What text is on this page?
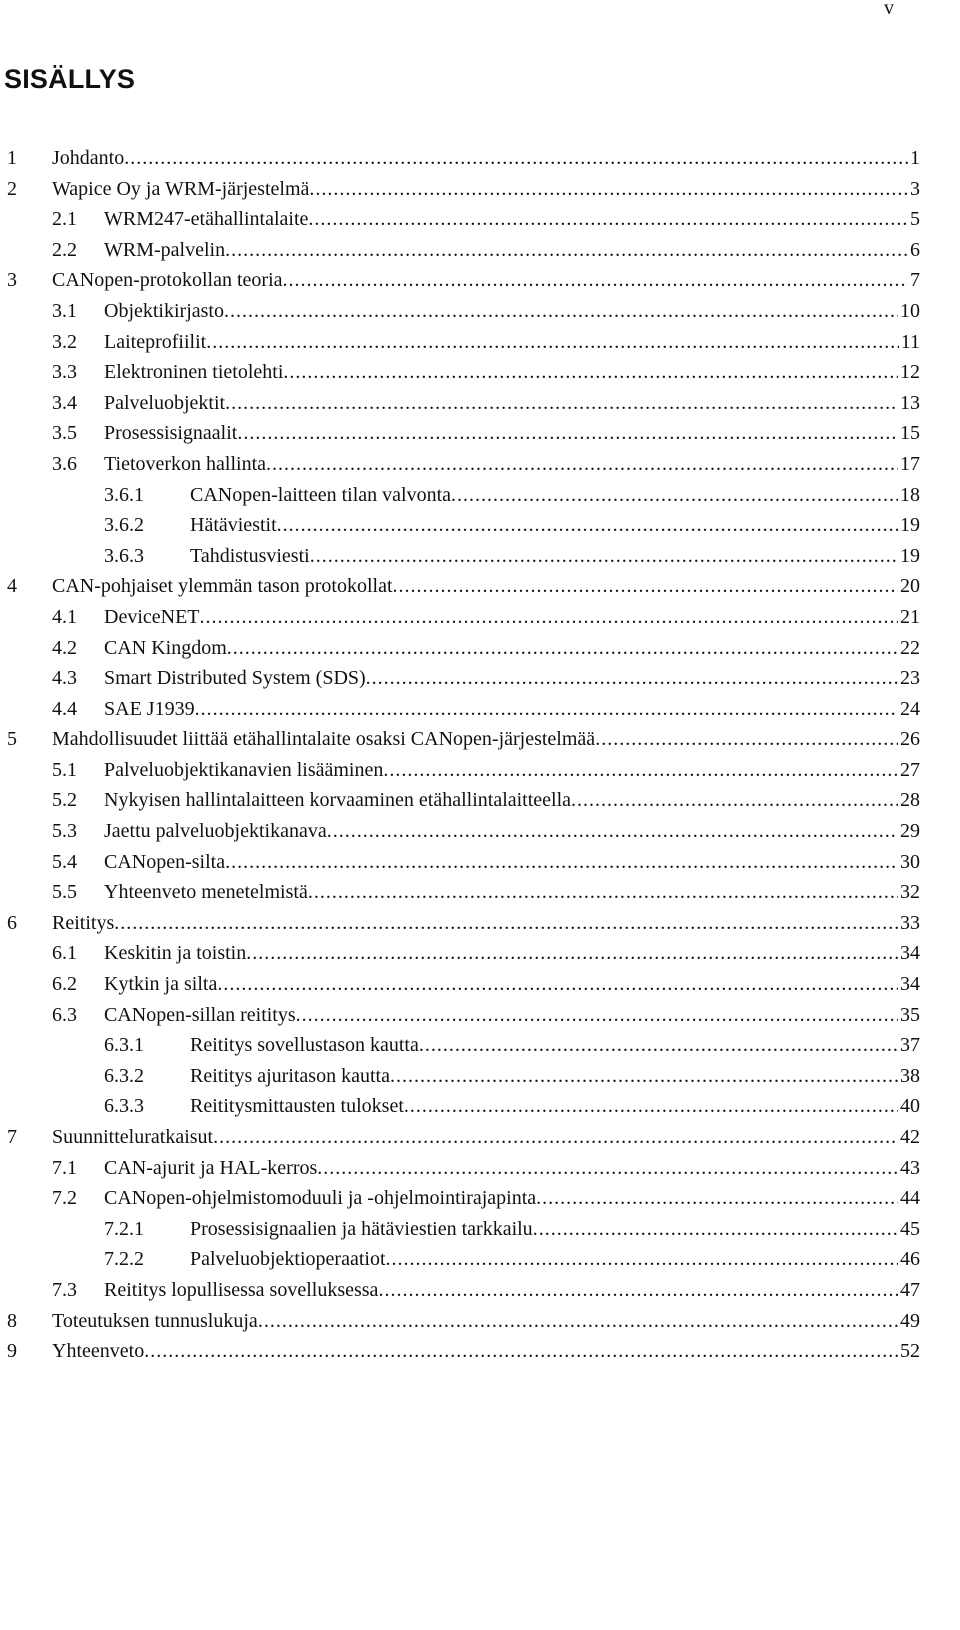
v
SISÄLLYS
1 Johdanto .....	1
2 Wapice Oy ja WRM-järjestelmä .....	3
2.1 WRM247-etähallintalaite .....	5
2.2 WRM-palvelin .....	6
3 CANopen-protokollan teoria .....	7
3.1 Objektikirjasto .....	10
3.2 Laiteprofiilit .....	11
3.3 Elektroninen tietolehti .....	12
3.4 Palveluobjektit .....	13
3.5 Prosessisignaalit .....	15
3.6 Tietoverkon hallinta .....	17
3.6.1 CANopen-laitteen tilan valvonta .....	18
3.6.2 Hätäviestit .....	19
3.6.3 Tahdistusviesti .....	19
4 CAN-pohjaiset ylemmän tason protokollat .....	20
4.1 DeviceNET .....	21
4.2 CAN Kingdom .....	22
4.3 Smart Distributed System (SDS) .....	23
4.4 SAE J1939 .....	24
5 Mahdollisuudet liittää etähallintalaite osaksi CANopen-järjestelmää .....	26
5.1 Palveluobjektikanavien lisääminen .....	27
5.2 Nykyisen hallintalaitteen korvaaminen etähallintalaitteella .....	28
5.3 Jaettu palveluobjektikanava .....	29
5.4 CANopen-silta .....	30
5.5 Yhteenveto menetelmistä .....	32
6 Reititys .....	33
6.1 Keskitin ja toistin .....	34
6.2 Kytkin ja silta .....	34
6.3 CANopen-sillan reititys .....	35
6.3.1 Reititys sovellustason kautta .....	37
6.3.2 Reititys ajuritason kautta .....	38
6.3.3 Reititysmittausten tulokset .....	40
7 Suunnitteluratkaisut .....	42
7.1 CAN-ajurit ja HAL-kerros .....	43
7.2 CANopen-ohjelmistomoduuli ja -ohjelmointirajapinta .....	44
7.2.1 Prosessisignaalien ja hätäviestien tarkkailu .....	45
7.2.2 Palveluobjektioperaatiot .....	46
7.3 Reititys lopullisessa sovelluksessa .....	47
8 Toteutuksen tunnuslukuja .....	49
9 Yhteenveto .....	52
